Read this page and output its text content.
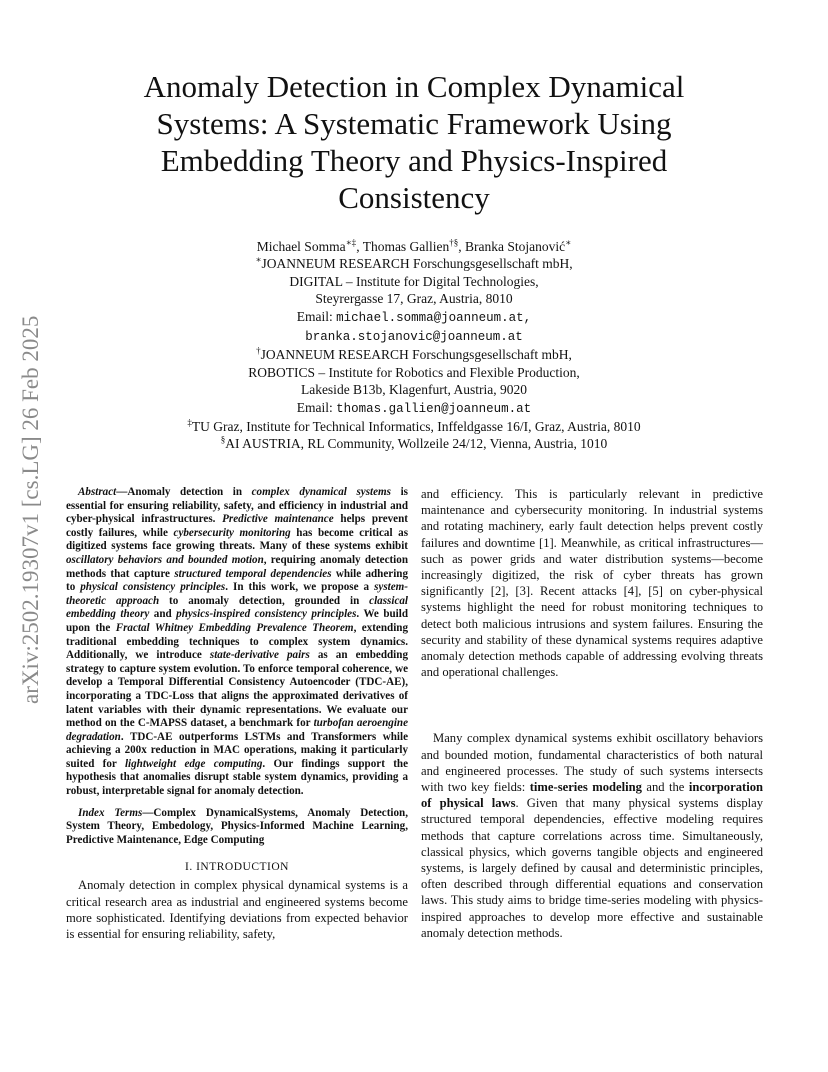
arXiv:2502.19307v1 [cs.LG] 26 Feb 2025
Anomaly Detection in Complex Dynamical
Systems: A Systematic Framework Using
Embedding Theory and Physics-Inspired
Consistency
Michael Somma∗‡, Thomas Gallien†§, Branka Stojanović∗
∗JOANNEUM RESEARCH Forschungsgesellschaft mbH,
DIGITAL – Institute for Digital Technologies,
Steyrergasse 17, Graz, Austria, 8010
Email: michael.somma@joanneum.at,
branka.stojanovic@joanneum.at
†JOANNEUM RESEARCH Forschungsgesellschaft mbH,
ROBOTICS – Institute for Robotics and Flexible Production,
Lakeside B13b, Klagenfurt, Austria, 9020
Email: thomas.gallien@joanneum.at
‡TU Graz, Institute for Technical Informatics, Inffeldgasse 16/I, Graz, Austria, 8010
§AI AUSTRIA, RL Community, Wollzeile 24/12, Vienna, Austria, 1010

Abstract—Anomaly detection in complex dynamical systems is essential for ensuring reliability, safety, and efficiency in industrial and cyber-physical infrastructures. Predictive maintenance helps prevent costly failures, while cybersecurity monitoring has become critical as digitized systems face growing threats. Many of these systems exhibit oscillatory behaviors and bounded motion, requiring anomaly detection methods that capture structured temporal dependencies while adhering to physical consistency principles. In this work, we propose a system-theoretic approach to anomaly detection, grounded in classical embedding theory and physics-inspired consistency principles. We build upon the Fractal Whitney Embedding Prevalence Theorem, extending traditional embedding techniques to complex system dynamics. Additionally, we introduce state-derivative pairs as an embedding strategy to capture system evolution. To enforce temporal coherence, we develop a Temporal Differential Consistency Autoencoder (TDC-AE), incorporating a TDC-Loss that aligns the approximated derivatives of latent variables with their dynamic representations. We evaluate our method on the C-MAPSS dataset, a benchmark for turbofan aeroengine degradation. TDC-AE outperforms LSTMs and Transformers while achieving a 200x reduction in MAC operations, making it particularly suited for lightweight edge computing. Our findings support the hypothesis that anomalies disrupt stable system dynamics, providing a robust, interpretable signal for anomaly detection.

Index Terms—Complex DynamicalSystems, Anomaly Detection, System Theory, Embedology, Physics-Informed Machine Learning, Predictive Maintenance, Edge Computing

I. INTRODUCTION

Anomaly detection in complex physical dynamical systems is a critical research area as industrial and engineered systems become more sophisticated. Identifying deviations from expected behavior is essential for ensuring reliability, safety,

and efficiency. This is particularly relevant in predictive maintenance and cybersecurity monitoring. In industrial systems and rotating machinery, early fault detection helps prevent costly failures and downtime [1]. Meanwhile, as critical infrastructures—such as power grids and water distribution systems—become increasingly digitized, the risk of cyber threats has grown significantly [2], [3]. Recent attacks [4], [5] on cyber-physical systems highlight the need for robust monitoring techniques to detect both malicious intrusions and system failures. Ensuring the security and stability of these dynamical systems requires adaptive anomaly detection methods capable of addressing evolving threats and operational challenges.

Many complex dynamical systems exhibit oscillatory behaviors and bounded motion, fundamental characteristics of both natural and engineered processes. The study of such systems intersects with two key fields: time-series modeling and the incorporation of physical laws. Given that many physical systems display structured temporal dependencies, effective modeling requires methods that capture correlations across time. Simultaneously, classical physics, which governs tangible objects and engineered systems, is largely defined by causal and deterministic principles, often described through differential equations and conservation laws. This study aims to bridge time-series modeling with physics-inspired approaches to develop more effective and sustainable anomaly detection methods.
